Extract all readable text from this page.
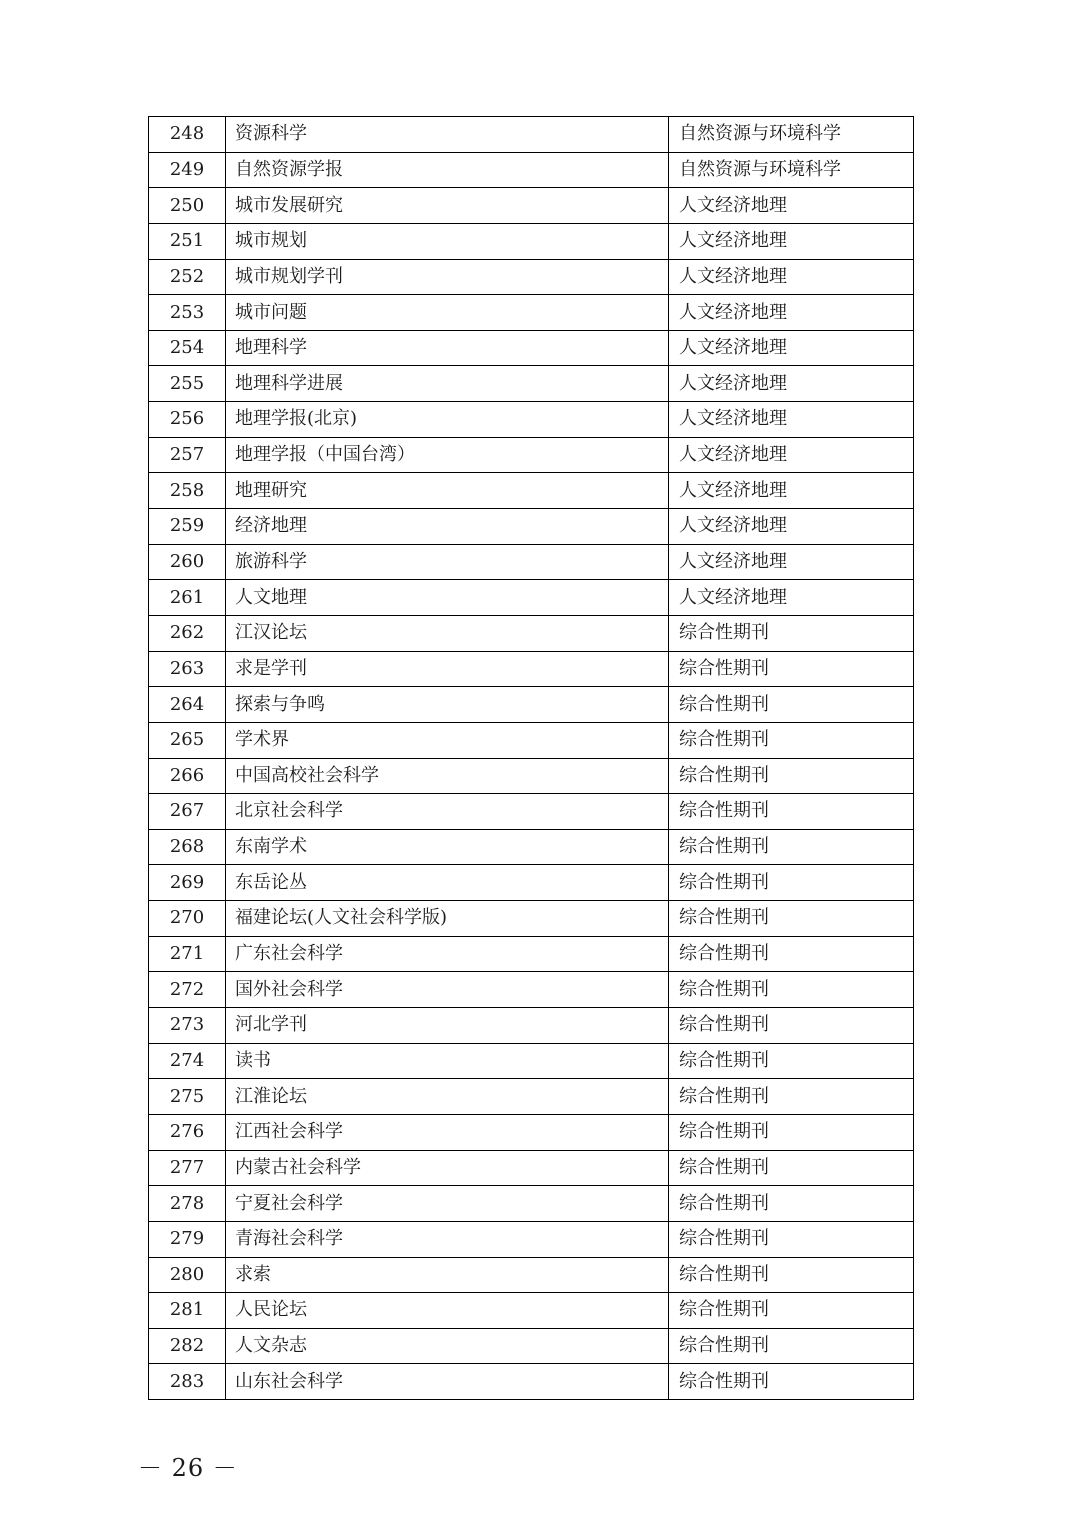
248	资源科学	自然资源与环境科学
249	自然资源学报	自然资源与环境科学
250	城市发展研究	人文经济地理
251	城市规划	人文经济地理
252	城市规划学刊	人文经济地理
253	城市问题	人文经济地理
254	地理科学	人文经济地理
255	地理科学进展	人文经济地理
256	地理学报(北京)	人文经济地理
257	地理学报（中国台湾）	人文经济地理
258	地理研究	人文经济地理
259	经济地理	人文经济地理
260	旅游科学	人文经济地理
261	人文地理	人文经济地理
262	江汉论坛	综合性期刊
263	求是学刊	综合性期刊
264	探索与争鸣	综合性期刊
265	学术界	综合性期刊
266	中国高校社会科学	综合性期刊
267	北京社会科学	综合性期刊
268	东南学术	综合性期刊
269	东岳论丛	综合性期刊
270	福建论坛(人文社会科学版)	综合性期刊
271	广东社会科学	综合性期刊
272	国外社会科学	综合性期刊
273	河北学刊	综合性期刊
274	读书	综合性期刊
275	江淮论坛	综合性期刊
276	江西社会科学	综合性期刊
277	内蒙古社会科学	综合性期刊
278	宁夏社会科学	综合性期刊
279	青海社会科学	综合性期刊
280	求索	综合性期刊
281	人民论坛	综合性期刊
282	人文杂志	综合性期刊
283	山东社会科学	综合性期刊
－ 26 －
